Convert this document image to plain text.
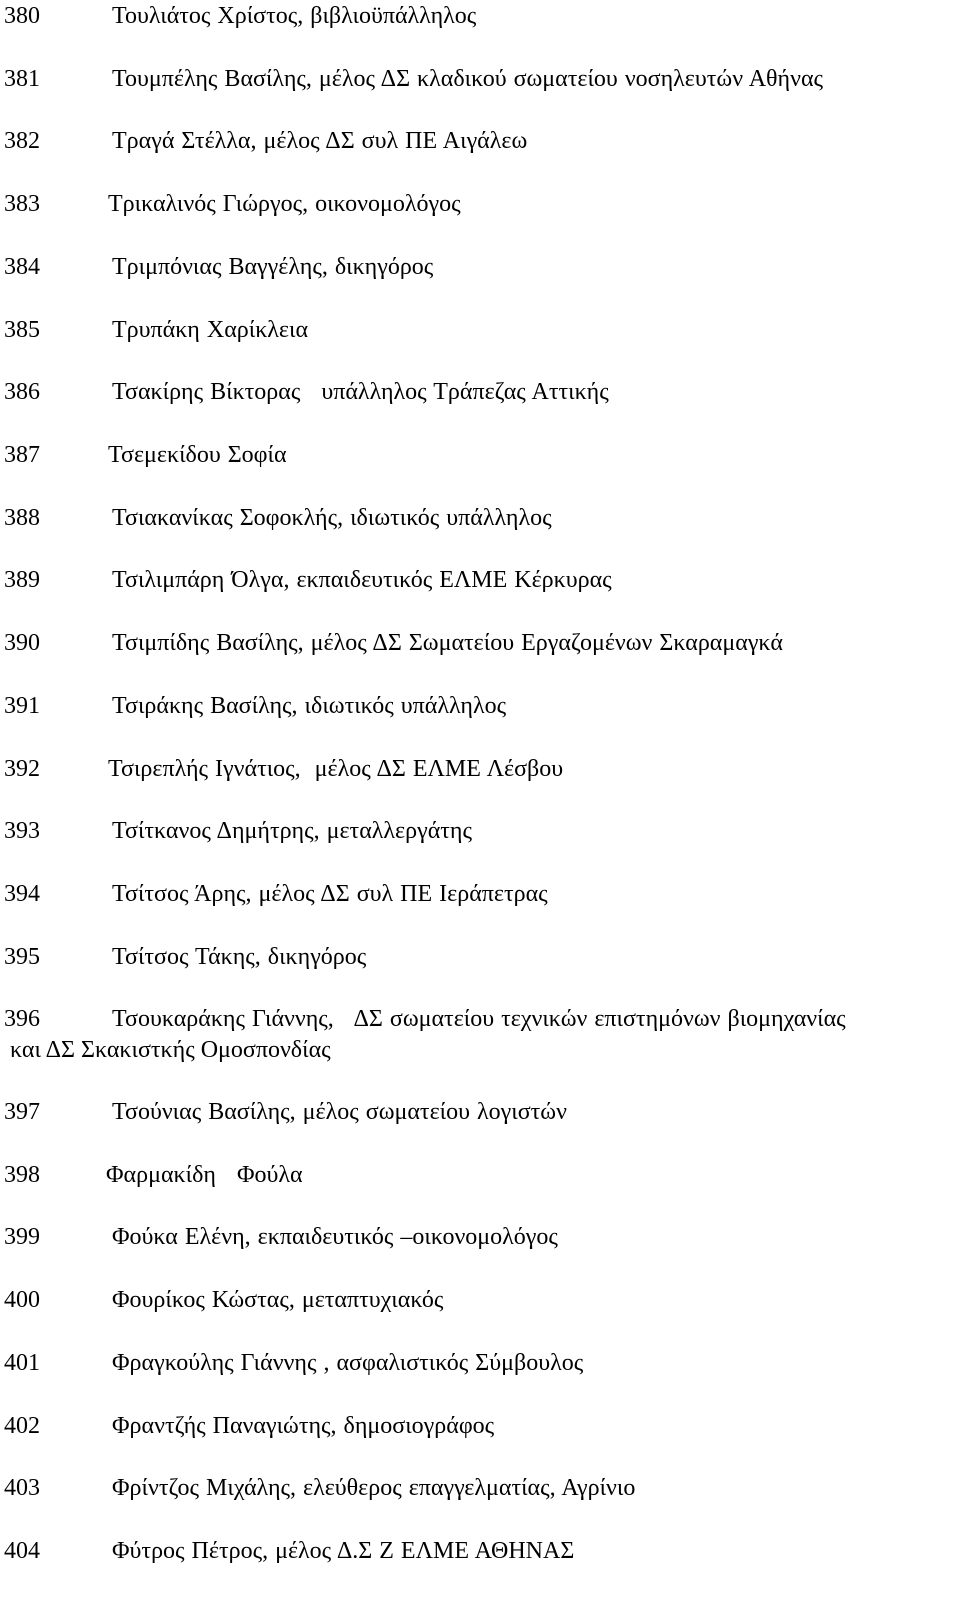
380	Τουλιάτος Χρίστος, βιβλιοϋπάλληλος
381	Τουμπέλης Βασίλης, μέλος ΔΣ κλαδικού σωματείου νοσηλευτών Αθήνας
382	Τραγά Στέλλα, μέλος ΔΣ συλ ΠΕ Αιγάλεω
383	Τρικαλινός Γιώργος, οικονομολόγος
384	Τριμπόνιας Βαγγέλης, δικηγόρος
385	Τρυπάκη Χαρίκλεια
386	Τσακίρης Βίκτορας   υπάλληλος Τράπεζας Αττικής
387	Τσεμεκίδου Σοφία
388	Τσιακανίκας Σοφοκλής, ιδιωτικός υπάλληλος
389	Τσιλιμπάρη Όλγα, εκπαιδευτικός ΕΛΜΕ Κέρκυρας
390	Τσιμπίδης Βασίλης, μέλος ΔΣ Σωματείου Εργαζομένων Σκαραμαγκά
391	Τσιράκης Βασίλης, ιδιωτικός υπάλληλος
392	Τσιρεπλής Ιγνάτιος,  μέλος ΔΣ ΕΛΜΕ Λέσβου
393	Τσίτκανος Δημήτρης, μεταλλεργάτης
394	Τσίτσος Άρης, μέλος ΔΣ συλ ΠΕ Ιεράπετρας
395	Τσίτσος Τάκης, δικηγόρος
396	Τσουκαράκης Γιάννης,   ΔΣ σωματείου τεχνικών επιστημόνων βιομηχανίας
και ΔΣ Σκακιστκής Ομοσπονδίας
397	Τσούνιας Βασίλης, μέλος σωματείου λογιστών
398	Φαρμακίδη   Φούλα
399	Φούκα Ελένη, εκπαιδευτικός –οικονομολόγος
400	Φουρίκος Κώστας, μεταπτυχιακός
401	Φραγκούλης Γιάννης , ασφαλιστικός Σύμβουλος
402	Φραντζής Παναγιώτης, δημοσιογράφος
403	Φρίντζος Μιχάλης, ελεύθερος επαγγελματίας, Αγρίνιο
404	Φύτρος Πέτρος, μέλος Δ.Σ Ζ ΕΛΜΕ ΑΘΗΝΑΣ
